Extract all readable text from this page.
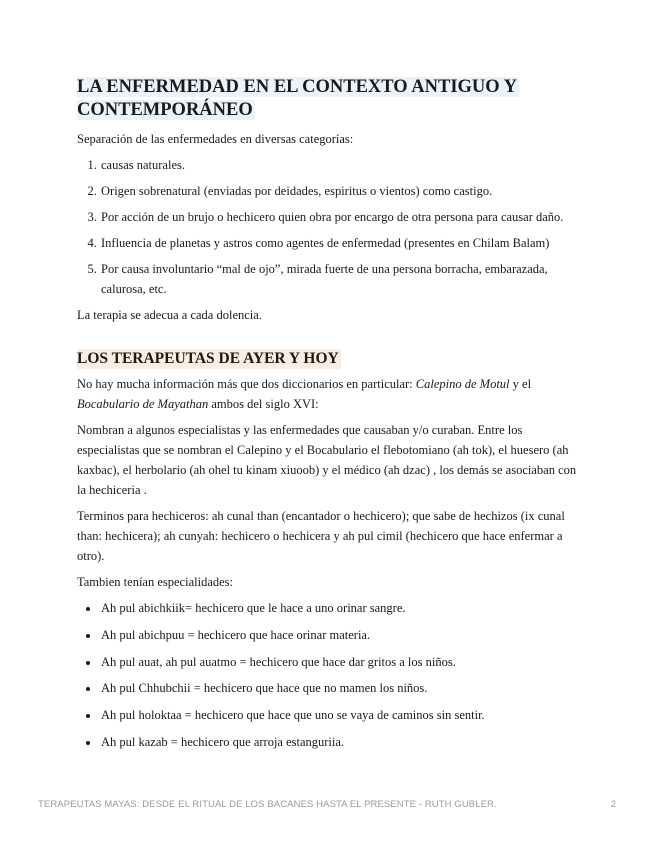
LA ENFERMEDAD EN EL CONTEXTO ANTIGUO Y CONTEMPORÁNEO

Separación de las enfermedades en diversas categorías:

1. causas naturales.
2. Origen sobrenatural (enviadas por deidades, espiritus o vientos) como castigo.
3. Por acción de un brujo o hechicero quien obra por encargo de otra persona para causar daño.
4. Influencia de planetas y astros como agentes de enfermedad (presentes en Chilam Balam)
5. Por causa involuntario “mal de ojo”, mirada fuerte de una persona borracha, embarazada, calurosa, etc.

La terapia se adecua a cada dolencia.

LOS TERAPEUTAS DE AYER Y HOY

No hay mucha información más que dos diccionarios en particular: Calepino de Motul y el Bocabulario de Mayathan ambos del siglo XVI:

Nombran a algunos especialistas y las enfermedades que causaban y/o curaban. Entre los especialistas que se nombran el Calepino y el Bocabulario el flebotomiano (ah tok), el huesero (ah kaxbac), el herbolario (ah ohel tu kinam xiuoob) y el médico (ah dzac) , los demás se asociaban con la hechiceria .

Terminos para hechiceros: ah cunal than (encantador o hechicero); que sabe de hechizos (ix cunal than: hechicera); ah cunyah: hechicero o hechicera y ah pul cimil (hechicero que hace enfermar a otro).

Tambien tenían especialidades:

• Ah pul abichkiik= hechicero que le hace a uno orinar sangre.
• Ah pul abichpuu = hechicero que hace orinar materia.
• Ah pul auat, ah pul auatmo = hechicero que hace dar gritos a los niños.
• Ah pul Chhubchii = hechicero que hace que no mamen los niños.
• Ah pul holoktaa = hechicero que hace que uno se vaya de caminos sin sentir.
• Ah pul kazab = hechicero que arroja estanguriia.
TERAPEUTAS MAYAS: DESDE EL RITUAL DE LOS BACANES HASTA EL PRESENTE - RUTH GUBLER.	2
